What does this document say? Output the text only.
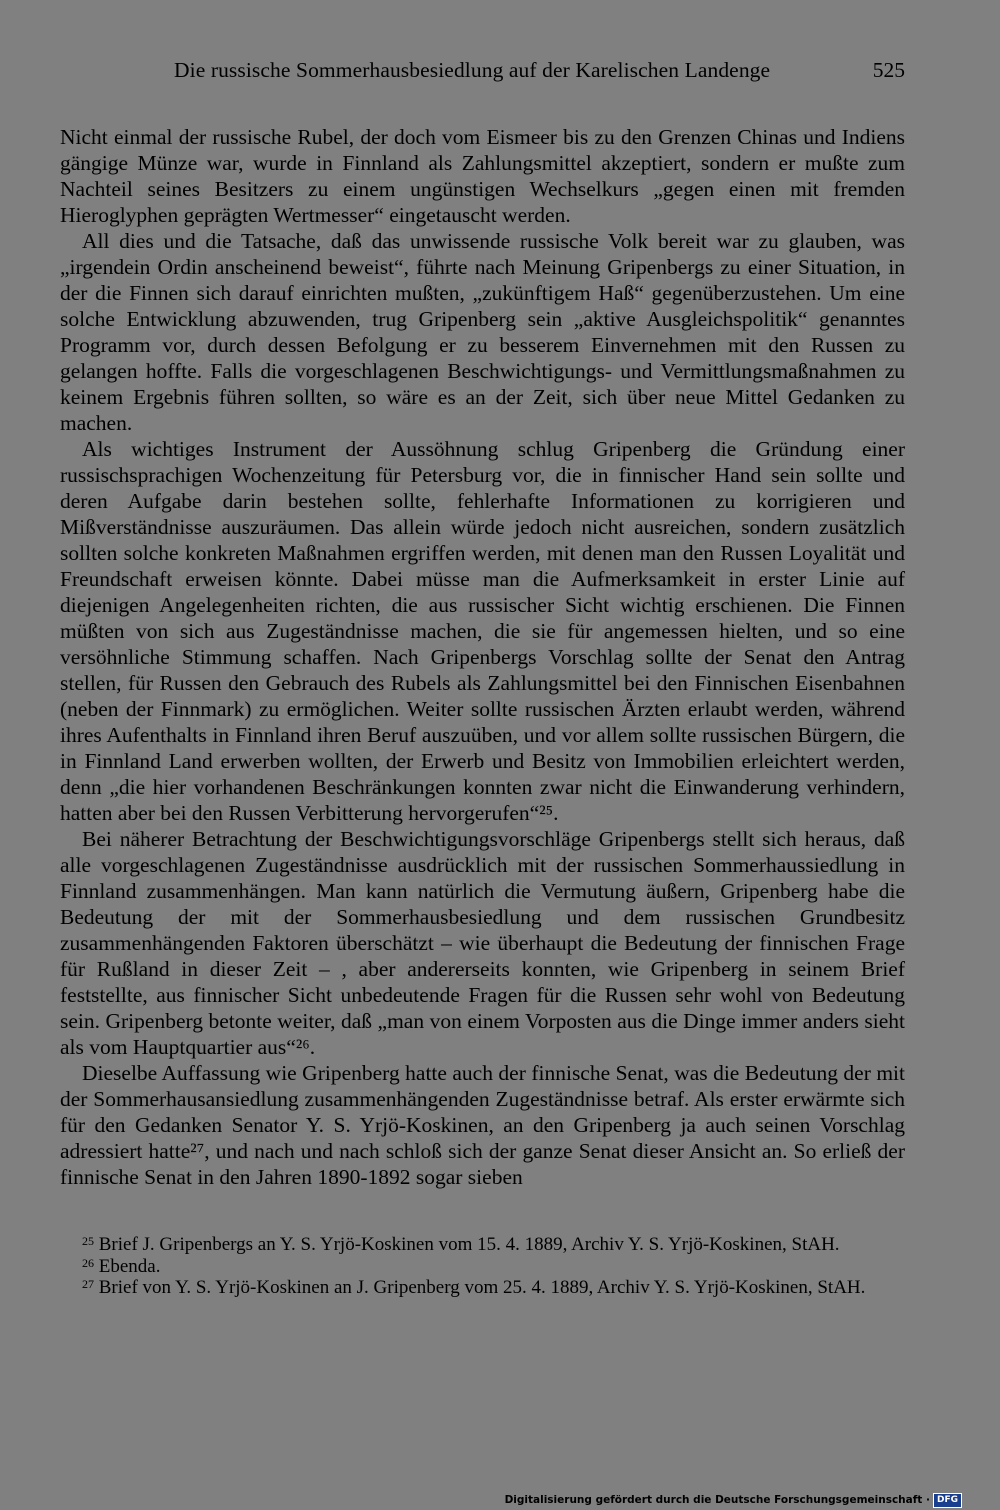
Die russische Sommerhausbesiedlung auf der Karelischen Landenge	525

Nicht einmal der russische Rubel, der doch vom Eismeer bis zu den Grenzen Chinas und Indiens gängige Münze war, wurde in Finnland als Zahlungsmittel akzeptiert, sondern er mußte zum Nachteil seines Besitzers zu einem ungünstigen Wechselkurs „gegen einen mit fremden Hieroglyphen geprägten Wertmesser“ eingetauscht werden.

All dies und die Tatsache, daß das unwissende russische Volk bereit war zu glauben, was „irgendein Ordin anscheinend beweist“, führte nach Meinung Gripenbergs zu einer Situation, in der die Finnen sich darauf einrichten mußten, „zukünftigem Haß“ gegenüberzustehen. Um eine solche Entwicklung abzuwenden, trug Gripenberg sein „aktive Ausgleichspolitik“ genanntes Programm vor, durch dessen Befolgung er zu besserem Einvernehmen mit den Russen zu gelangen hoffte. Falls die vorgeschlagenen Beschwichtigungs- und Vermittlungsmaßnahmen zu keinem Ergebnis führen sollten, so wäre es an der Zeit, sich über neue Mittel Gedanken zu machen.

Als wichtiges Instrument der Aussöhnung schlug Gripenberg die Gründung einer russischsprachigen Wochenzeitung für Petersburg vor, die in finnischer Hand sein sollte und deren Aufgabe darin bestehen sollte, fehlerhafte Informationen zu korrigieren und Mißverständnisse auszuräumen. Das allein würde jedoch nicht ausreichen, sondern zusätzlich sollten solche konkreten Maßnahmen ergriffen werden, mit denen man den Russen Loyalität und Freundschaft erweisen könnte. Dabei müsse man die Aufmerksamkeit in erster Linie auf diejenigen Angelegenheiten richten, die aus russischer Sicht wichtig erschienen. Die Finnen müßten von sich aus Zugeständnisse machen, die sie für angemessen hielten, und so eine versöhnliche Stimmung schaffen. Nach Gripenbergs Vorschlag sollte der Senat den Antrag stellen, für Russen den Gebrauch des Rubels als Zahlungsmittel bei den Finnischen Eisenbahnen (neben der Finnmark) zu ermöglichen. Weiter sollte russischen Ärzten erlaubt werden, während ihres Aufenthalts in Finnland ihren Beruf auszuüben, und vor allem sollte russischen Bürgern, die in Finnland Land erwerben wollten, der Erwerb und Besitz von Immobilien erleichtert werden, denn „die hier vorhandenen Beschränkungen konnten zwar nicht die Einwanderung verhindern, hatten aber bei den Russen Verbitterung hervorgerufen“²⁵.

Bei näherer Betrachtung der Beschwichtigungsvorschläge Gripenbergs stellt sich heraus, daß alle vorgeschlagenen Zugeständnisse ausdrücklich mit der russischen Sommerhaussiedlung in Finnland zusammenhängen. Man kann natürlich die Vermutung äußern, Gripenberg habe die Bedeutung der mit der Sommerhausbesiedlung und dem russischen Grundbesitz zusammenhängenden Faktoren überschätzt – wie überhaupt die Bedeutung der finnischen Frage für Rußland in dieser Zeit – , aber andererseits konnten, wie Gripenberg in seinem Brief feststellte, aus finnischer Sicht unbedeutende Fragen für die Russen sehr wohl von Bedeutung sein. Gripenberg betonte weiter, daß „man von einem Vorposten aus die Dinge immer anders sieht als vom Hauptquartier aus“²⁶.

Dieselbe Auffassung wie Gripenberg hatte auch der finnische Senat, was die Bedeutung der mit der Sommerhausansiedlung zusammenhängenden Zugeständnisse betraf. Als erster erwärmte sich für den Gedanken Senator Y. S. Yrjö-Koskinen, an den Gripenberg ja auch seinen Vorschlag adressiert hatte²⁷, und nach und nach schloß sich der ganze Senat dieser Ansicht an. So erließ der finnische Senat in den Jahren 1890-1892 sogar sieben

$^{25}$ Brief J. Gripenbergs an Y. S. Yrjö-Koskinen vom 15. 4. 1889, Archiv Y. S. Yrjö-Koskinen, StAH.

$^{26}$ Ebenda.

$^{27}$ Brief von Y. S. Yrjö-Koskinen an J. Gripenberg vom 25. 4. 1889, Archiv Y. S. Yrjö-Koskinen, StAH.

Digitalisierung gefördert durch die Deutsche Forschungsgemeinschaft · DFG
